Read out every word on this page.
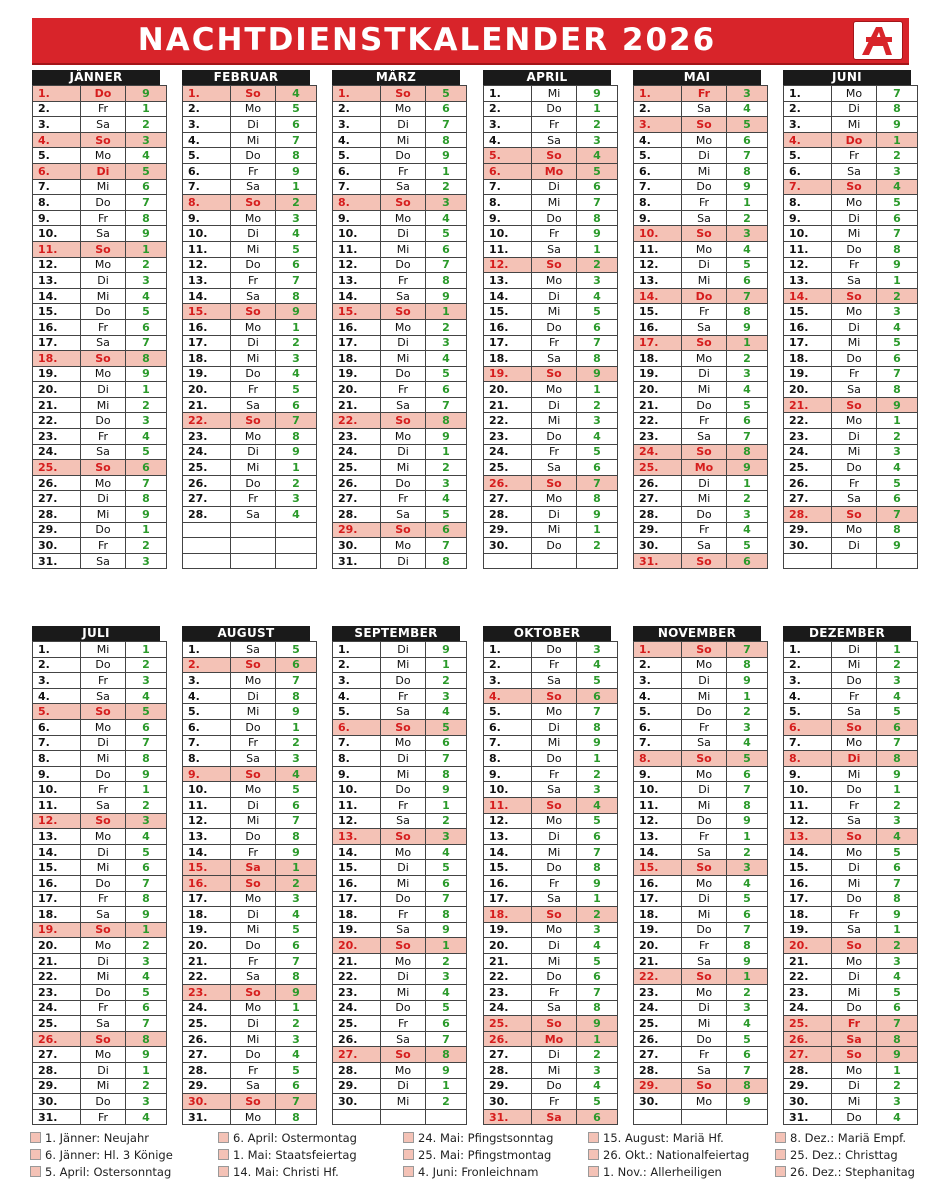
NACHTDIENSTKALENDER 2026
JÄNNER
1.	Do	9
2.	Fr	1
3.	Sa	2
4.	So	3
5.	Mo	4
6.	Di	5
7.	Mi	6
8.	Do	7
9.	Fr	8
10.	Sa	9
11.	So	1
12.	Mo	2
13.	Di	3
14.	Mi	4
15.	Do	5
16.	Fr	6
17.	Sa	7
18.	So	8
19.	Mo	9
20.	Di	1
21.	Mi	2
22.	Do	3
23.	Fr	4
24.	Sa	5
25.	So	6
26.	Mo	7
27.	Di	8
28.	Mi	9
29.	Do	1
30.	Fr	2
31.	Sa	3
FEBRUAR
1.	So	4
2.	Mo	5
3.	Di	6
4.	Mi	7
5.	Do	8
6.	Fr	9
7.	Sa	1
8.	So	2
9.	Mo	3
10.	Di	4
11.	Mi	5
12.	Do	6
13.	Fr	7
14.	Sa	8
15.	So	9
16.	Mo	1
17.	Di	2
18.	Mi	3
19.	Do	4
20.	Fr	5
21.	Sa	6
22.	So	7
23.	Mo	8
24.	Di	9
25.	Mi	1
26.	Do	2
27.	Fr	3
28.	Sa	4

MÄRZ
1.	So	5
2.	Mo	6
3.	Di	7
4.	Mi	8
5.	Do	9
6.	Fr	1
7.	Sa	2
8.	So	3
9.	Mo	4
10.	Di	5
11.	Mi	6
12.	Do	7
13.	Fr	8
14.	Sa	9
15.	So	1
16.	Mo	2
17.	Di	3
18.	Mi	4
19.	Do	5
20.	Fr	6
21.	Sa	7
22.	So	8
23.	Mo	9
24.	Di	1
25.	Mi	2
26.	Do	3
27.	Fr	4
28.	Sa	5
29.	So	6
30.	Mo	7
31.	Di	8
APRIL
1.	Mi	9
2.	Do	1
3.	Fr	2
4.	Sa	3
5.	So	4
6.	Mo	5
7.	Di	6
8.	Mi	7
9.	Do	8
10.	Fr	9
11.	Sa	1
12.	So	2
13.	Mo	3
14.	Di	4
15.	Mi	5
16.	Do	6
17.	Fr	7
18.	Sa	8
19.	So	9
20.	Mo	1
21.	Di	2
22.	Mi	3
23.	Do	4
24.	Fr	5
25.	Sa	6
26.	So	7
27.	Mo	8
28.	Di	9
29.	Mi	1
30.	Do	2

MAI
1.	Fr	3
2.	Sa	4
3.	So	5
4.	Mo	6
5.	Di	7
6.	Mi	8
7.	Do	9
8.	Fr	1
9.	Sa	2
10.	So	3
11.	Mo	4
12.	Di	5
13.	Mi	6
14.	Do	7
15.	Fr	8
16.	Sa	9
17.	So	1
18.	Mo	2
19.	Di	3
20.	Mi	4
21.	Do	5
22.	Fr	6
23.	Sa	7
24.	So	8
25.	Mo	9
26.	Di	1
27.	Mi	2
28.	Do	3
29.	Fr	4
30.	Sa	5
31.	So	6
JUNI
1.	Mo	7
2.	Di	8
3.	Mi	9
4.	Do	1
5.	Fr	2
6.	Sa	3
7.	So	4
8.	Mo	5
9.	Di	6
10.	Mi	7
11.	Do	8
12.	Fr	9
13.	Sa	1
14.	So	2
15.	Mo	3
16.	Di	4
17.	Mi	5
18.	Do	6
19.	Fr	7
20.	Sa	8
21.	So	9
22.	Mo	1
23.	Di	2
24.	Mi	3
25.	Do	4
26.	Fr	5
27.	Sa	6
28.	So	7
29.	Mo	8
30.	Di	9

JULI
1.	Mi	1
2.	Do	2
3.	Fr	3
4.	Sa	4
5.	So	5
6.	Mo	6
7.	Di	7
8.	Mi	8
9.	Do	9
10.	Fr	1
11.	Sa	2
12.	So	3
13.	Mo	4
14.	Di	5
15.	Mi	6
16.	Do	7
17.	Fr	8
18.	Sa	9
19.	So	1
20.	Mo	2
21.	Di	3
22.	Mi	4
23.	Do	5
24.	Fr	6
25.	Sa	7
26.	So	8
27.	Mo	9
28.	Di	1
29.	Mi	2
30.	Do	3
31.	Fr	4
AUGUST
1.	Sa	5
2.	So	6
3.	Mo	7
4.	Di	8
5.	Mi	9
6.	Do	1
7.	Fr	2
8.	Sa	3
9.	So	4
10.	Mo	5
11.	Di	6
12.	Mi	7
13.	Do	8
14.	Fr	9
15.	Sa	1
16.	So	2
17.	Mo	3
18.	Di	4
19.	Mi	5
20.	Do	6
21.	Fr	7
22.	Sa	8
23.	So	9
24.	Mo	1
25.	Di	2
26.	Mi	3
27.	Do	4
28.	Fr	5
29.	Sa	6
30.	So	7
31.	Mo	8
SEPTEMBER
1.	Di	9
2.	Mi	1
3.	Do	2
4.	Fr	3
5.	Sa	4
6.	So	5
7.	Mo	6
8.	Di	7
9.	Mi	8
10.	Do	9
11.	Fr	1
12.	Sa	2
13.	So	3
14.	Mo	4
15.	Di	5
16.	Mi	6
17.	Do	7
18.	Fr	8
19.	Sa	9
20.	So	1
21.	Mo	2
22.	Di	3
23.	Mi	4
24.	Do	5
25.	Fr	6
26.	Sa	7
27.	So	8
28.	Mo	9
29.	Di	1
30.	Mi	2

OKTOBER
1.	Do	3
2.	Fr	4
3.	Sa	5
4.	So	6
5.	Mo	7
6.	Di	8
7.	Mi	9
8.	Do	1
9.	Fr	2
10.	Sa	3
11.	So	4
12.	Mo	5
13.	Di	6
14.	Mi	7
15.	Do	8
16.	Fr	9
17.	Sa	1
18.	So	2
19.	Mo	3
20.	Di	4
21.	Mi	5
22.	Do	6
23.	Fr	7
24.	Sa	8
25.	So	9
26.	Mo	1
27.	Di	2
28.	Mi	3
29.	Do	4
30.	Fr	5
31.	Sa	6
NOVEMBER
1.	So	7
2.	Mo	8
3.	Di	9
4.	Mi	1
5.	Do	2
6.	Fr	3
7.	Sa	4
8.	So	5
9.	Mo	6
10.	Di	7
11.	Mi	8
12.	Do	9
13.	Fr	1
14.	Sa	2
15.	So	3
16.	Mo	4
17.	Di	5
18.	Mi	6
19.	Do	7
20.	Fr	8
21.	Sa	9
22.	So	1
23.	Mo	2
24.	Di	3
25.	Mi	4
26.	Do	5
27.	Fr	6
28.	Sa	7
29.	So	8
30.	Mo	9

DEZEMBER
1.	Di	1
2.	Mi	2
3.	Do	3
4.	Fr	4
5.	Sa	5
6.	So	6
7.	Mo	7
8.	Di	8
9.	Mi	9
10.	Do	1
11.	Fr	2
12.	Sa	3
13.	So	4
14.	Mo	5
15.	Di	6
16.	Mi	7
17.	Do	8
18.	Fr	9
19.	Sa	1
20.	So	2
21.	Mo	3
22.	Di	4
23.	Mi	5
24.	Do	6
25.	Fr	7
26.	Sa	8
27.	So	9
28.	Mo	1
29.	Di	2
30.	Mi	3
31.	Do	4
1. Jänner: Neujahr
6. Jänner: Hl. 3 Könige
5. April: Ostersonntag
6. April: Ostermontag
1. Mai: Staatsfeiertag
14. Mai: Christi Hf.
24. Mai: Pfingstsonntag
25. Mai: Pfingstmontag
4. Juni: Fronleichnam
15. August: Mariä Hf.
26. Okt.: Nationalfeiertag
1. Nov.: Allerheiligen
8. Dez.: Mariä Empf.
25. Dez.: Christtag
26. Dez.: Stephanitag
